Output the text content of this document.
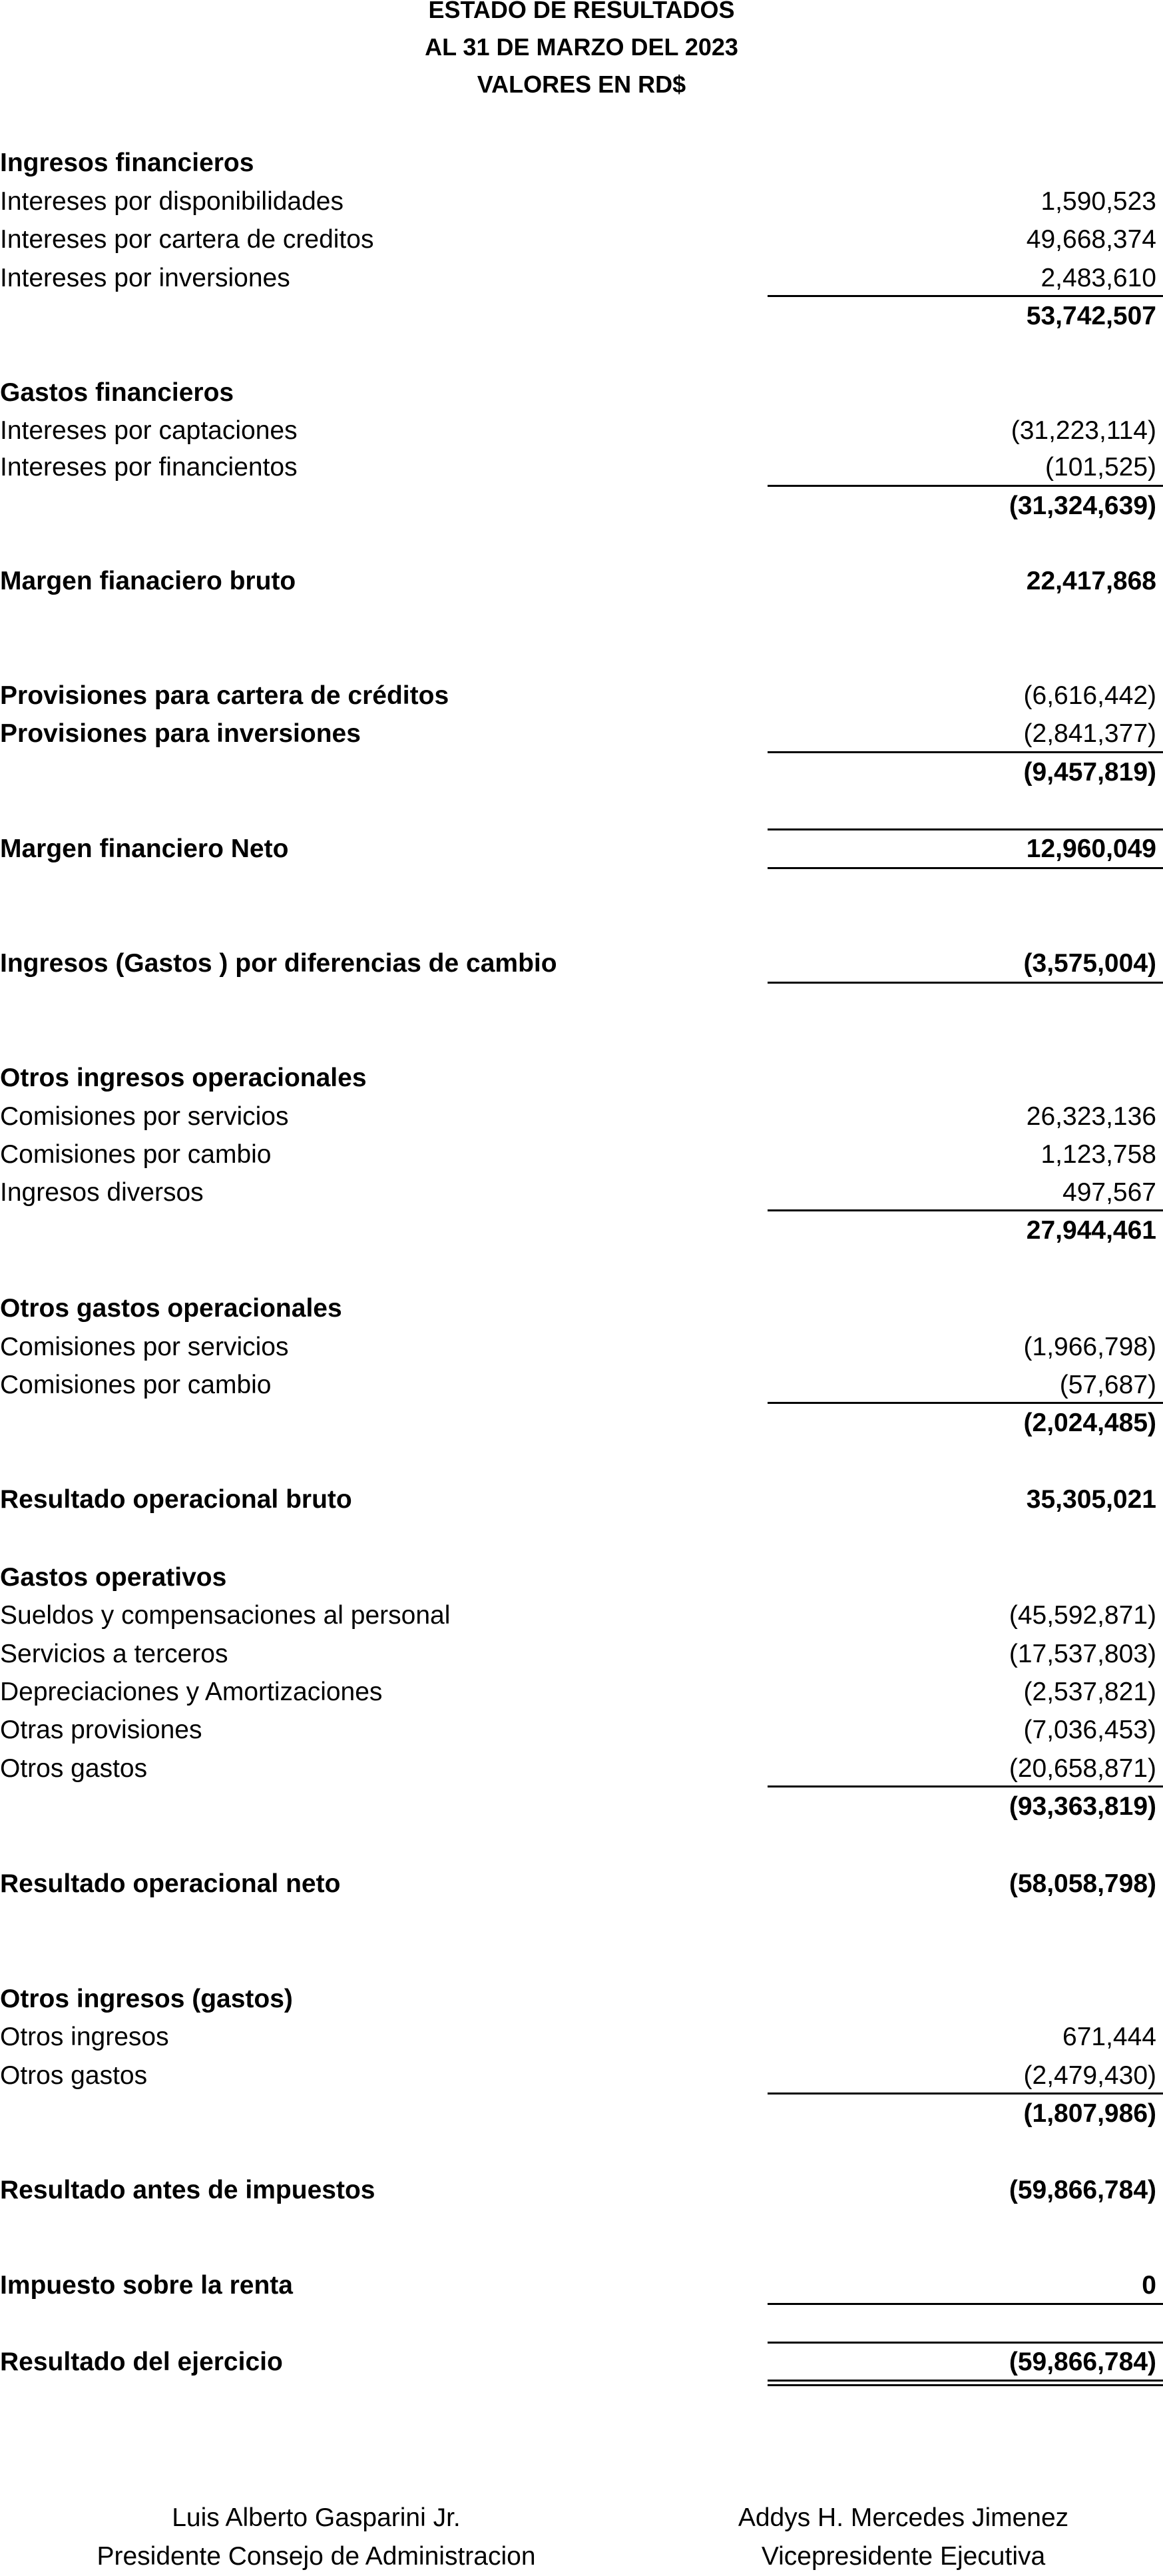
ESTADO DE RESULTADOS
AL 31 DE MARZO DEL 2023
VALORES EN RD$
Ingresos financieros
Intereses por disponibilidades	1,590,523
Intereses por cartera de creditos	49,668,374
Intereses por inversiones	2,483,610
53,742,507
Gastos financieros
Intereses por captaciones	(31,223,114)
Intereses por financientos	(101,525)
(31,324,639)
Margen fianaciero bruto	22,417,868
Provisiones para cartera de créditos	(6,616,442)
Provisiones para inversiones	(2,841,377)
(9,457,819)
Margen financiero Neto	12,960,049
Ingresos (Gastos ) por diferencias de cambio	(3,575,004)
Otros ingresos operacionales
Comisiones por servicios	26,323,136
Comisiones por cambio	1,123,758
Ingresos diversos	497,567
27,944,461
Otros gastos operacionales
Comisiones por servicios	(1,966,798)
Comisiones por cambio	(57,687)
(2,024,485)
Resultado operacional bruto	35,305,021
Gastos operativos
Sueldos y compensaciones al personal	(45,592,871)
Servicios a terceros	(17,537,803)
Depreciaciones y Amortizaciones	(2,537,821)
Otras provisiones	(7,036,453)
Otros gastos	(20,658,871)
(93,363,819)
Resultado operacional neto	(58,058,798)
Otros ingresos (gastos)
Otros ingresos	671,444
Otros gastos	(2,479,430)
(1,807,986)
Resultado antes de impuestos	(59,866,784)
Impuesto sobre la renta	0
Resultado del ejercicio	(59,866,784)
Luis Alberto Gasparini Jr.
Presidente Consejo de Administracion
Addys H. Mercedes Jimenez
Vicepresidente Ejecutiva
